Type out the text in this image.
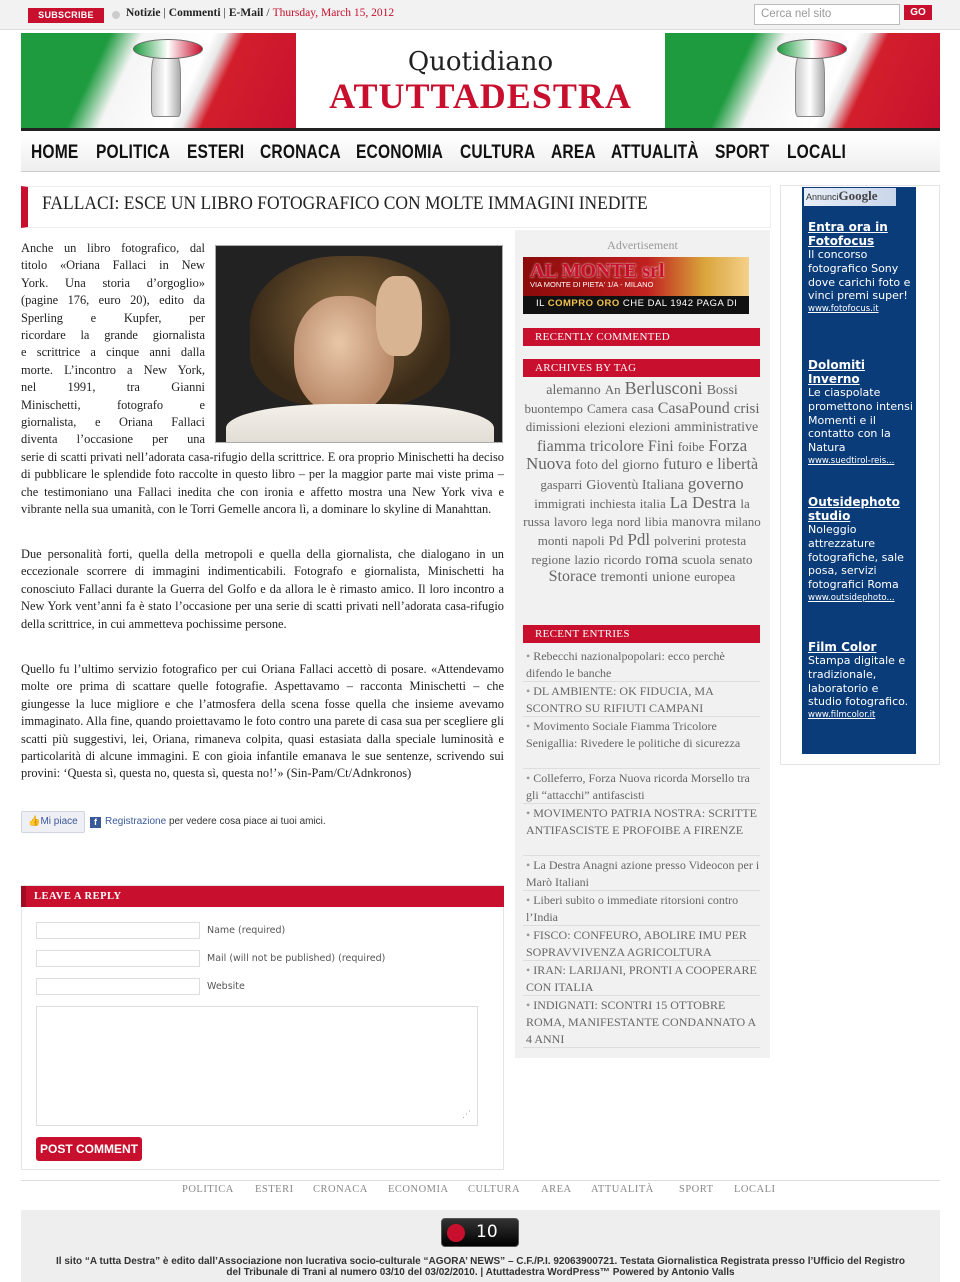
SUBSCRIBE	Notizie | Commenti | E-Mail / Thursday, March 15, 2012	Cerca nel sito	GO
Quotidiano
ATUTTADESTRA
HOME POLITICA ESTERI CRONACA ECONOMIA CULTURA AREA ATTUALITÀ SPORT LOCALI
FALLACI: ESCE UN LIBRO FOTOGRAFICO CON MOLTE IMMAGINI INEDITE
Anche un libro fotografico, dal
titolo «Oriana Fallaci in New
York. Una storia d’orgoglio»
(pagine 176, euro 20), edito da
Sperling e Kupfer, per
ricordare la grande giornalista
e scrittrice a cinque anni dalla
morte. L’incontro a New York,
nel 1991, tra Gianni
Minischetti, fotografo e
giornalista, e Oriana Fallaci
diventa l’occasione per una

serie di scatti privati nell’adorata casa-rifugio della scrittrice. E ora proprio Minischetti ha deciso di pubblicare le splendide foto raccolte in questo libro – per la maggior parte mai viste prima – che testimoniano una Fallaci inedita che con ironia e affetto mostra una New York viva e vibrante nella sua umanità, con le Torri Gemelle ancora lì, a dominare lo skyline di Manahttan.

Due personalità forti, quella della metropoli e quella della giornalista, che dialogano in un eccezionale scorrere di immagini indimenticabili. Fotografo e giornalista, Minischetti ha conosciuto Fallaci durante la Guerra del Golfo e da allora le è rimasto amico. Il loro incontro a New York vent’anni fa è stato l’occasione per una serie di scatti privati nell’adorata casa-rifugio della scrittrice, in cui ammetteva pochissime persone.

Quello fu l’ultimo servizio fotografico per cui Oriana Fallaci accettò di posare. «Attendevamo molte ore prima di scattare quelle fotografie. Aspettavamo – racconta Minischetti – che giungesse la luce migliore e che l’atmosfera della scena fosse quella che insieme avevamo immaginato. Alla fine, quando proiettavamo le foto contro una parete di casa sua per scegliere gli scatti più suggestivi, lei, Oriana, rimaneva colpita, quasi estasiata dalla speciale luminosità e particolarità di alcune immagini. E con gioia infantile emanava le sue sentenze, scrivendo sui provini: ‘Questa sì, questa no, questa sì, questa no!’» (Sin-Pam/Ct/Adnkronos)

👍Mi piace	f Registrazione per vedere cosa piace ai tuoi amici.
LEAVE A REPLY
Name (required)
Mail (will not be published) (required)
Website
⋰
POST COMMENT
Advertisement
AL MONTE srl
VIA MONTE DI PIETA' 1/A - MILANO
IL COMPRO ORO CHE DAL 1942 PAGA DI
RECENTLY COMMENTED
ARCHIVES BY TAG
alemanno An Berlusconi Bossi buontempo Camera casa CasaPound crisi dimissioni elezioni elezioni amministrative fiamma tricolore Fini foibe Forza Nuova foto del giorno futuro e libertà gasparri Gioventù Italiana governo immigrati inchiesta italia La Destra la russa lavoro lega nord libia manovra milano monti napoli Pd Pdl polverini protesta regione lazio ricordo roma scuola senato Storace tremonti unione europea
RECENT ENTRIES
• Rebecchi nazionalpopolari: ecco perchè difendo le banche
• DL AMBIENTE: OK FIDUCIA, MA SCONTRO SU RIFIUTI CAMPANI
• Movimento Sociale Fiamma Tricolore Senigallia: Rivedere le politiche di sicurezza
• Colleferro, Forza Nuova ricorda Morsello tra gli “attacchi” antifascisti
• MOVIMENTO PATRIA NOSTRA: SCRITTE ANTIFASCISTE E PROFOIBE A FIRENZE
• La Destra Anagni azione presso Videocon per i Marò Italiani
• Liberi subito o immediate ritorsioni contro l’India
• FISCO: CONFEURO, ABOLIRE IMU PER SOPRAVVIVENZA AGRICOLTURA
• IRAN: LARIJANI, PRONTI A COOPERARE CON ITALIA
• INDIGNATI: SCONTRI 15 OTTOBRE ROMA, MANIFESTANTE CONDANNATO A 4 ANNI
AnnunciGoogle
Entra ora in Fotofocus
Il concorso fotografico Sony dove carichi foto e vinci premi super!
www.fotofocus.it
Dolomiti Inverno
Le ciaspolate promettono intensi Momenti e il contatto con la Natura
www.suedtirol-reis...
Outsidephoto studio
Noleggio attrezzature fotografiche, sale posa, servizi fotografici Roma
www.outsidephoto...
Film Color
Stampa digitale e tradizionale, laboratorio e studio fotografico.
www.filmcolor.it
POLITICA ESTERI CRONACA ECONOMIA CULTURA AREA ATTUALITÀ SPORT LOCALI
10
Il sito “A tutta Destra” è edito dall’Associazione non lucrativa socio-culturale “AGORA’ NEWS” – C.F./P.I. 92063900721. Testata Giornalistica Registrata presso l’Ufficio del Registro
del Tribunale di Trani al numero 03/10 del 03/02/2010. | Atuttadestra WordPress™ Powered by Antonio Valls
